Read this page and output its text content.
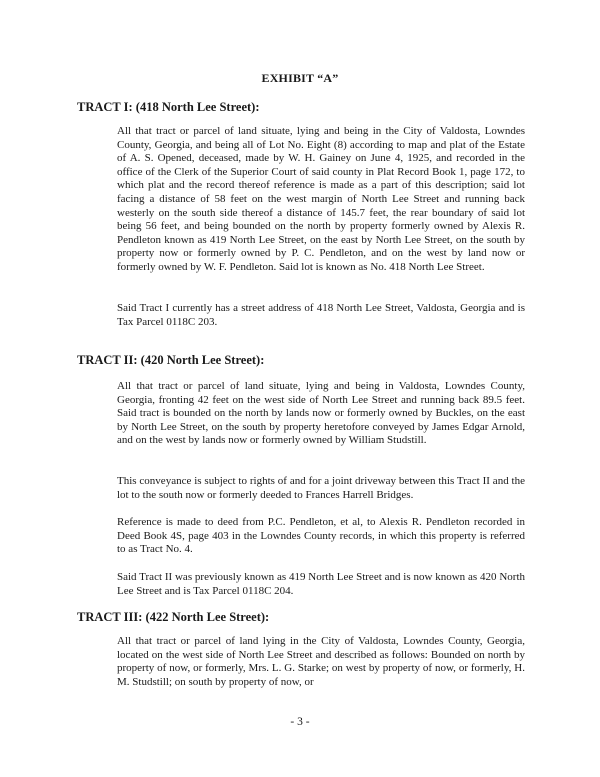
EXHIBIT “A”
TRACT I: (418 North Lee Street):
All that tract or parcel of land situate, lying and being in the City of Valdosta, Lowndes County, Georgia, and being all of Lot No. Eight (8) according to map and plat of the Estate of A. S. Opened, deceased, made by W. H. Gainey on June 4, 1925, and recorded in the office of the Clerk of the Superior Court of said county in Plat Record Book 1, page 172, to which plat and the record thereof reference is made as a part of this description; said lot facing a distance of 58 feet on the west margin of North Lee Street and running back westerly on the south side thereof a distance of 145.7 feet, the rear boundary of said lot being 56 feet, and being bounded on the north by property formerly owned by Alexis R. Pendleton known as 419 North Lee Street, on the east by North Lee Street, on the south by property now or formerly owned by P. C. Pendleton, and on the west by land now or formerly owned by W. F. Pendleton. Said lot is known as No. 418 North Lee Street.
Said Tract I currently has a street address of 418 North Lee Street, Valdosta, Georgia and is Tax Parcel 0118C 203.
TRACT II: (420 North Lee Street):
All that tract or parcel of land situate, lying and being in Valdosta, Lowndes County, Georgia, fronting 42 feet on the west side of North Lee Street and running back 89.5 feet. Said tract is bounded on the north by lands now or formerly owned by Buckles, on the east by North Lee Street, on the south by property heretofore conveyed by James Edgar Arnold, and on the west by lands now or formerly owned by William Studstill.
This conveyance is subject to rights of and for a joint driveway between this Tract II and the lot to the south now or formerly deeded to Frances Harrell Bridges.
Reference is made to deed from P.C. Pendleton, et al, to Alexis R. Pendleton recorded in Deed Book 4S, page 403 in the Lowndes County records, in which this property is referred to as Tract No. 4.
Said Tract II was previously known as 419 North Lee Street and is now known as 420 North Lee Street and is Tax Parcel 0118C 204.
TRACT III: (422 North Lee Street):
All that tract or parcel of land lying in the City of Valdosta, Lowndes County, Georgia, located on the west side of North Lee Street and described as follows: Bounded on north by property of now, or formerly, Mrs. L. G. Starke; on west by property of now, or formerly, H. M. Studstill; on south by property of now, or
- 3 -
